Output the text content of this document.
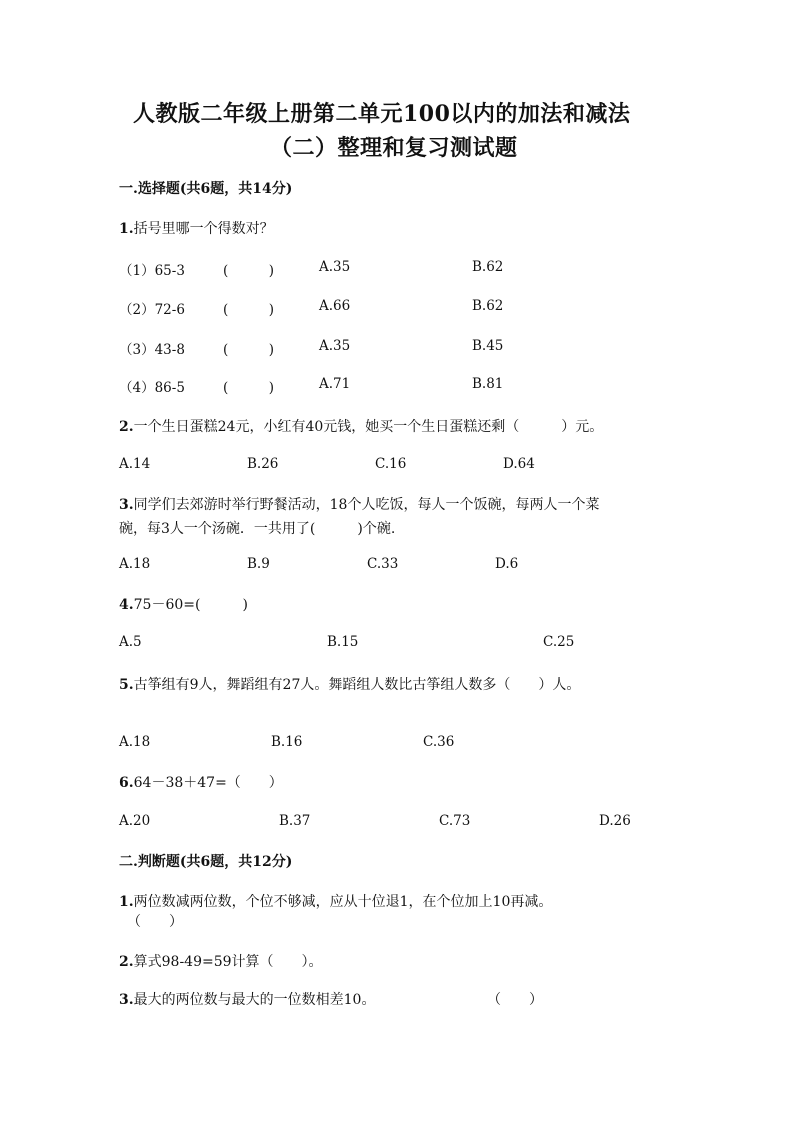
人教版二年级上册第二单元100以内的加法和减法
（二）整理和复习测试题
一.选择题(共6题，共14分)
1.括号里哪一个得数对？
（1）65-3	(　　　)	A.35	B.62
（2）72-6	(　　　)	A.66	B.62
（3）43-8	(　　　)	A.35	B.45
（4）86-5	(　　　)	A.71	B.81
2.一个生日蛋糕24元，小红有40元钱，她买一个生日蛋糕还剩（　　　）元。
A.14	B.26	C.16	D.64
3.同学们去郊游时举行野餐活动，18个人吃饭，每人一个饭碗，每两人一个菜
碗，每3人一个汤碗．一共用了(　　　)个碗.
A.18	B.9	C.33	D.6
4.75－60=(　　　)
A.5	B.15	C.25
5.古筝组有9人，舞蹈组有27人。舞蹈组人数比古筝组人数多（　　）人。
A.18	B.16	C.36
6.64－38＋47=（　　）
A.20	B.37	C.73	D.26
二.判断题(共6题，共12分)
1.两位数减两位数，个位不够减，应从十位退1，在个位加上10再减。
（　　）
2.算式98-49=59计算（　　）。
3.最大的两位数与最大的一位数相差10。	（　　）
